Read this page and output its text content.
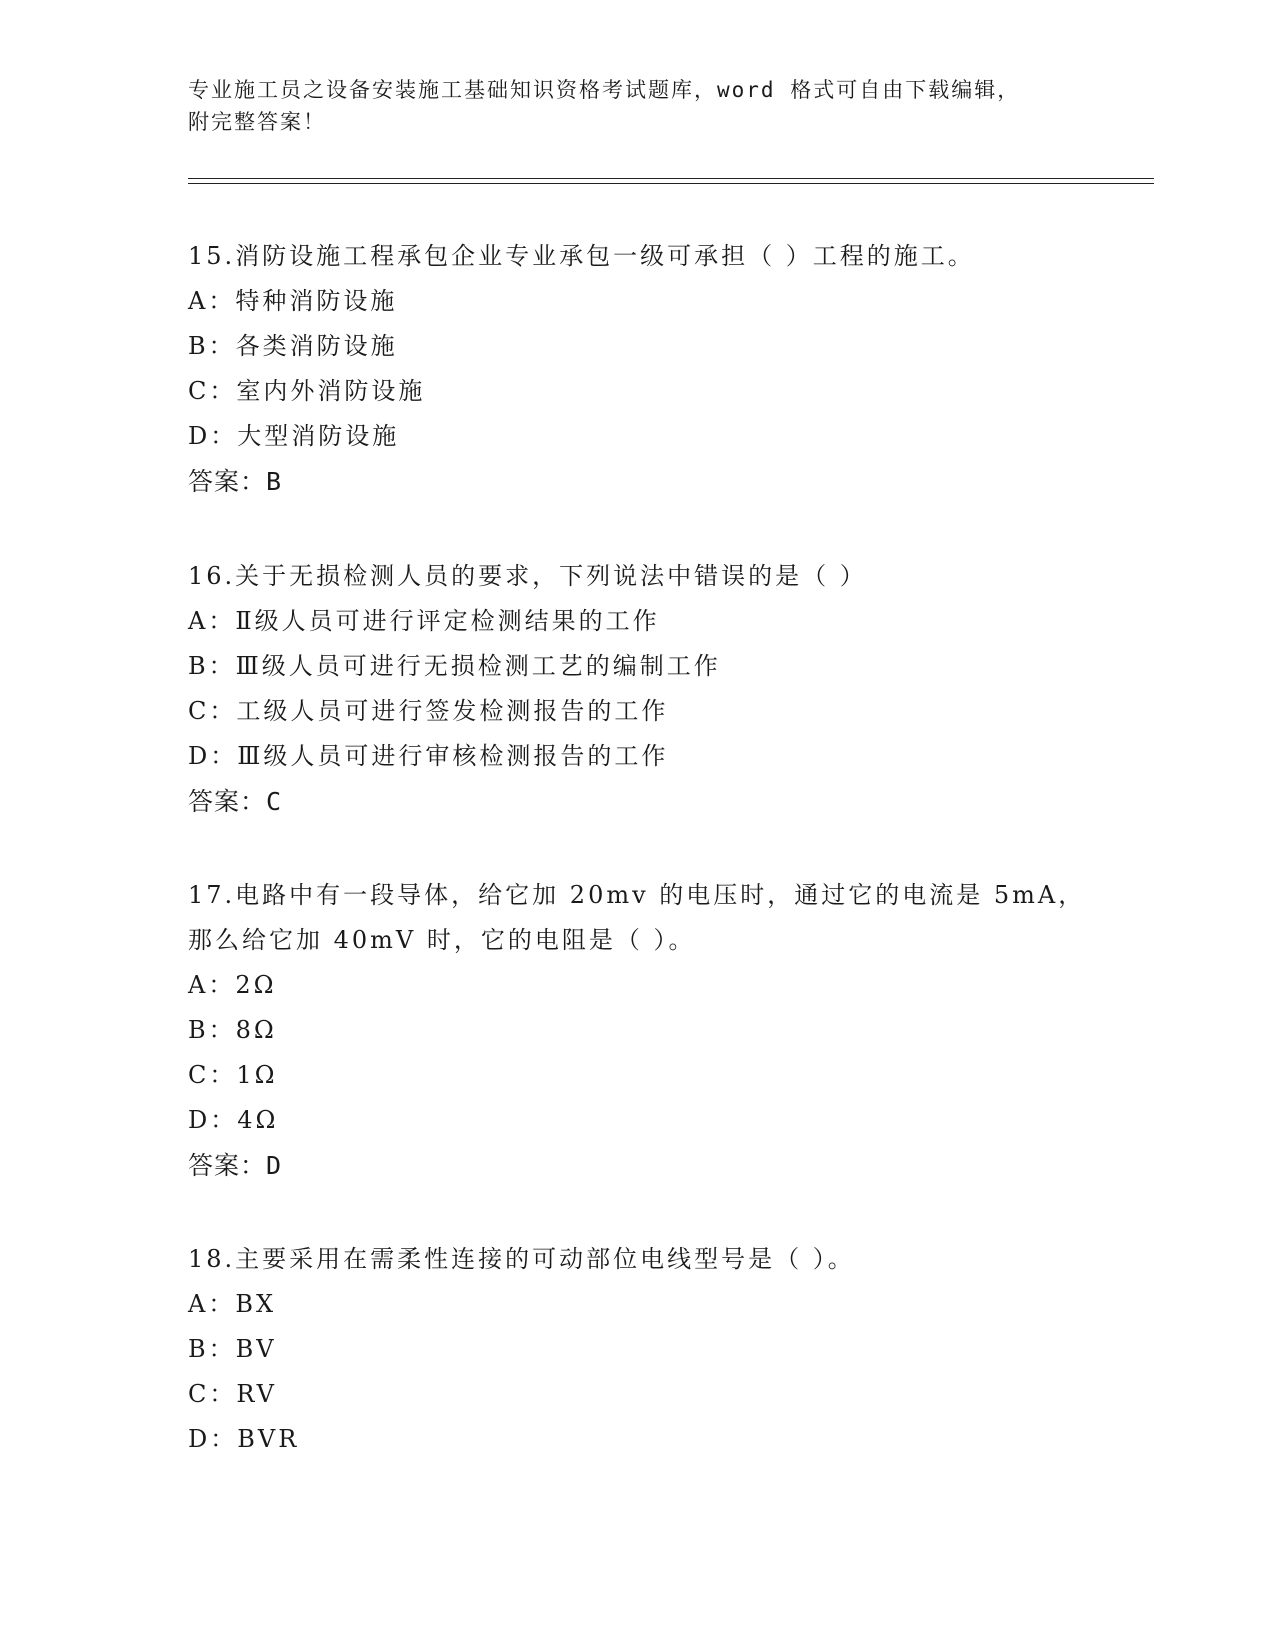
专业施工员之设备安装施工基础知识资格考试题库，word 格式可自由下载编辑，
附完整答案！
15.消防设施工程承包企业专业承包一级可承担（ ）工程的施工。
A：特种消防设施
B：各类消防设施
C：室内外消防设施
D：大型消防设施
答案：B
16.关于无损检测人员的要求，下列说法中错误的是（ ）
A：Ⅱ级人员可进行评定检测结果的工作
B：Ⅲ级人员可进行无损检测工艺的编制工作
C：工级人员可进行签发检测报告的工作
D：Ⅲ级人员可进行审核检测报告的工作
答案：C
17.电路中有一段导体，给它加 20mv 的电压时，通过它的电流是 5mA，
那么给它加 40mV 时，它的电阻是（ ）。
A：2Ω
B：8Ω
C：1Ω
D：4Ω
答案：D
18.主要采用在需柔性连接的可动部位电线型号是（ ）。
A：BX
B：BV
C：RV
D：BVR
